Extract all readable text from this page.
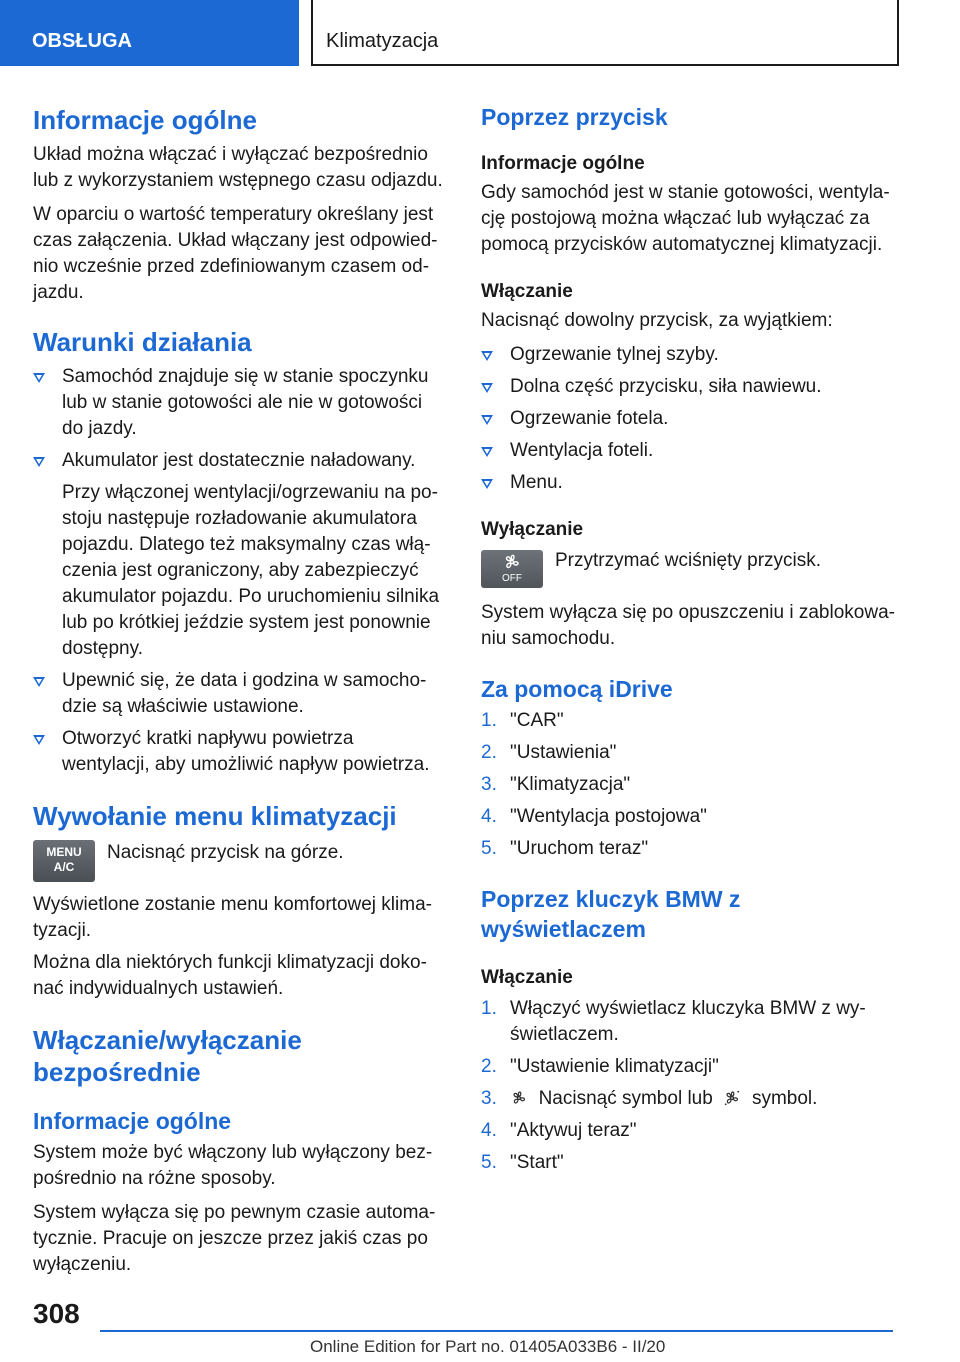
OBSŁUGA	Klimatyzacja
Informacje ogólne

Układ można włączać i wyłączać bezpośrednio lub z wykorzystaniem wstępnego czasu odjazdu.

W oparciu o wartość temperatury określany jest czas załączenia. Układ włączany jest odpowiednio wcześnie przed zdefiniowanym czasem odjazdu.

Warunki działania
Samochód znajduje się w stanie spoczynku lub w stanie gotowości ale nie w gotowości do jazdy.
Akumulator jest dostatecznie naładowany.

Przy włączonej wentylacji/ogrzewaniu na postoju następuje rozładowanie akumulatora pojazdu. Dlatego też maksymalny czas włączenia jest ograniczony, aby zabezpieczyć akumulator pojazdu. Po uruchomieniu silnika lub po krótkiej jeździe system jest ponownie dostępny.

Upewnić się, że data i godzina w samochodzie są właściwie ustawione.
Otworzyć kratki napływu powietrza wentylacji, aby umożliwić napływ powietrza.
Wywołanie menu klimatyzacji
MENU
A/C
Nacisnąć przycisk na górze.

Wyświetlone zostanie menu komfortowej klimatyzacji.

Można dla niektórych funkcji klimatyzacji dokonać indywidualnych ustawień.

Włączanie/wyłączanie bezpośrednie
Informacje ogólne

System może być włączony lub wyłączony bezpośrednio na różne sposoby.

System wyłącza się po pewnym czasie automatycznie. Pracuje on jeszcze przez jakiś czas po wyłączeniu.

Poprzez przycisk
Informacje ogólne

Gdy samochód jest w stanie gotowości, wentylację postojową można włączać lub wyłączać za pomocą przycisków automatycznej klimatyzacji.

Włączanie

Nacisnąć dowolny przycisk, za wyjątkiem:

Ogrzewanie tylnej szyby.
Dolna część przycisku, siła nawiewu.
Ogrzewanie fotela.
Wentylacja foteli.
Menu.
Wyłączanie
OFF
Przytrzymać wciśnięty przycisk.

System wyłącza się po opuszczeniu i zablokowaniu samochodu.

Za pomocą iDrive
1. "CAR"
2. "Ustawienia"
3. "Klimatyzacja"
4. "Wentylacja postojowa"
5. "Uruchom teraz"
Poprzez kluczyk BMW z wyświetlaczem
Włączanie
1. Włączyć wyświetlacz kluczyka BMW z wyświetlaczem.
2. "Ustawienie klimatyzacji"
3. Nacisnąć symbol lub symbol.
4. "Aktywuj teraz"
5. "Start"
308
Online Edition for Part no. 01405A033B6 - II/20
